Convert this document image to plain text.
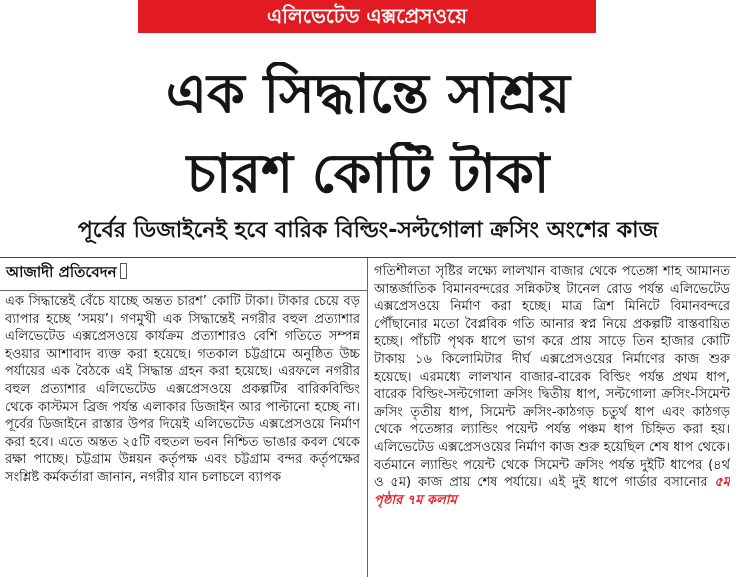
এলিভেটেড এক্সপ্রেসওয়ে
এক সিদ্ধান্তে সাশ্রয়
চারশ কোটি টাকা
পূর্বের ডিজাইনেই হবে বারিক বিল্ডিং-সল্টগোলা ক্রসিং অংশের কাজ
আজাদী প্রতিবেদন

এক সিদ্ধান্তেই বেঁচে যাচ্ছে অন্তত চারশ’ কোটি টাকা। টাকার চেয়ে বড় ব্যাপার হচ্ছে ‘সময়’। গণমুখী এক সিদ্ধান্তেই নগরীর বহুল প্রত্যাশার এলিভেটেড এক্সপ্রেসওয়ে কার্যক্রম প্রত্যাশারও বেশি গতিতে সম্পন্ন হওয়ার আশাবাদ ব্যক্ত করা হয়েছে। গতকাল চট্টগ্রামে অনুষ্ঠিত উচ্চ পর্যায়ের এক বৈঠকে এই সিদ্ধান্ত গ্রহন করা হয়েছে। এরফলে নগরীর বহুল প্রত্যাশার এলিভেটেড এক্সপ্রেসওয়ে প্রকল্পটির বারিকবিল্ডিং থেকে কাস্টমস ব্রিজ পর্যন্ত এলাকার ডিজাইন আর পাল্টানো হচ্ছে না। পূর্বের ডিজাইনে রাস্তার উপর দিয়েই এলিভেটেড এক্সপ্রেসওয়ে নির্মাণ করা হবে। এতে অন্তত ২৫টি বহুতল ভবন নিশ্চিত ভাঙার কবল থেকে রক্ষা পাচ্ছে। চট্টগ্রাম উন্নয়ন কর্তৃপক্ষ এবং চট্টগ্রাম বন্দর কর্তৃপক্ষের সংশ্লিষ্ট কর্মকর্তারা জানান, নগরীর যান চলাচলে ব্যাপক

গতিশীলতা সৃষ্টির লক্ষ্যে লালখান বাজার থেকে পতেঙ্গা শাহ আমানত আন্তর্জাতিক বিমানবন্দরের সন্নিকটস্থ টানেল রোড পর্যন্ত এলিভেটেড এক্সপ্রেসওয়ে নির্মাণ করা হচ্ছে। মাত্র ত্রিশ মিনিটে বিমানবন্দরে পৌঁছানোর মতো বৈপ্লবিক গতি আনার স্বপ্ন নিয়ে প্রকল্পটি বাস্তবায়িত হচ্ছে। পাঁচটি পৃথক ধাপে ভাগ করে প্রায় সাড়ে তিন হাজার কোটি টাকায় ১৬ কিলোমিটার দীর্ঘ এক্সপ্রেসওয়ের নির্মাণের কাজ শুরু হয়েছে। এরমধ্যে লালখান বাজার-বারেক বিল্ডিং পর্যন্ত প্রথম ধাপ, বারেক বিল্ডিং-সল্টগোলা ক্রসিং দ্বিতীয় ধাপ, সল্টগোলা ক্রসিং-সিমেন্ট ক্রসিং তৃতীয় ধাপ, সিমেন্ট ক্রসিং-কাঠগড় চতুর্থ ধাপ এবং কাঠগড় থেকে পতেঙ্গার ল্যান্ডিং পয়েন্ট পর্যন্ত পঞ্চম ধাপ চিহ্নিত করা হয়। এলিভেটেড এক্সপ্রেসওয়ের নির্মাণ কাজ শুরু হয়েছিল শেষ ধাপ থেকে। বর্তমানে ল্যান্ডিং পয়েন্ট থেকে সিমেন্ট ক্রসিং পর্যন্ত দুইটি ধাপের (৪র্থ ও ৫ম) কাজ প্রায় শেষ পর্যায়ে। এই দুই ধাপে গার্ডার বসানোর ৫ম পৃষ্ঠার ৭ম কলাম
